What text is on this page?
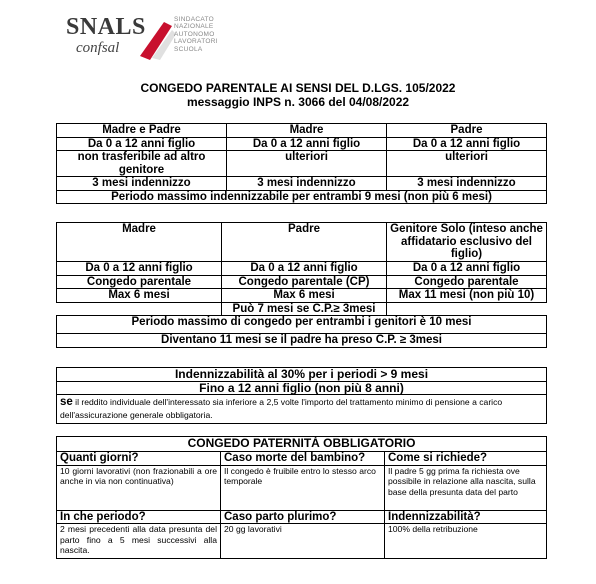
SNALS
confsal
SINDACATO
NAZIONALE
AUTONOMO
LAVORATORI
SCUOLA
CONGEDO PARENTALE AI SENSI DEL D.LGS. 105/2022
messaggio INPS n. 3066 del 04/08/2022
Madre e Padre	Madre	Padre
Da 0 a 12 anni figlio	Da 0 a 12 anni figlio	Da 0 a 12 anni figlio
non trasferibile ad altro genitore	ulteriori	ulteriori
3 mesi indennizzo	3 mesi indennizzo	3 mesi indennizzo
Periodo massimo indennizzabile per entrambi 9 mesi (non più 6 mesi)		
Madre	Padre	Genitore Solo (inteso anche affidatario esclusivo del figlio)
Da 0 a 12 anni figlio	Da 0 a 12 anni figlio	Da 0 a 12 anni figlio
Congedo parentale	Congedo parentale (CP)	Congedo parentale
Max 6 mesi	Max 6 mesi	Max 11 mesi (non più 10)
	Può 7 mesi se C.P.≥ 3mesi	
Periodo massimo di congedo per entrambi i genitori è 10 mesi		
Diventano 11 mesi se il padre ha preso C.P. ≥ 3mesi		
Indennizzabilità al 30% per i periodi > 9 mesi
Fino a 12 anni figlio (non più 8 anni)
se il reddito individuale dell'interessato sia inferiore a 2,5 volte l'importo del trattamento minimo di pensione a carico dell'assicurazione generale obbligatoria.
CONGEDO PATERNITÀ OBBLIGATORIO		
Quanti giorni?	Caso morte del bambino?	Come si richiede?
10 giorni lavorativi (non frazionabili a ore anche in via non continuativa)	Il congedo è fruibile entro lo stesso arco temporale	Il padre 5 gg prima fa richiesta ove possibile in relazione alla nascita, sulla base della presunta data del parto
In che periodo?	Caso parto plurimo?	Indennizzabilità?
2 mesi precedenti alla data presunta del parto fino a 5 mesi successivi alla nascita.	20 gg lavorativi	100% della retribuzione
